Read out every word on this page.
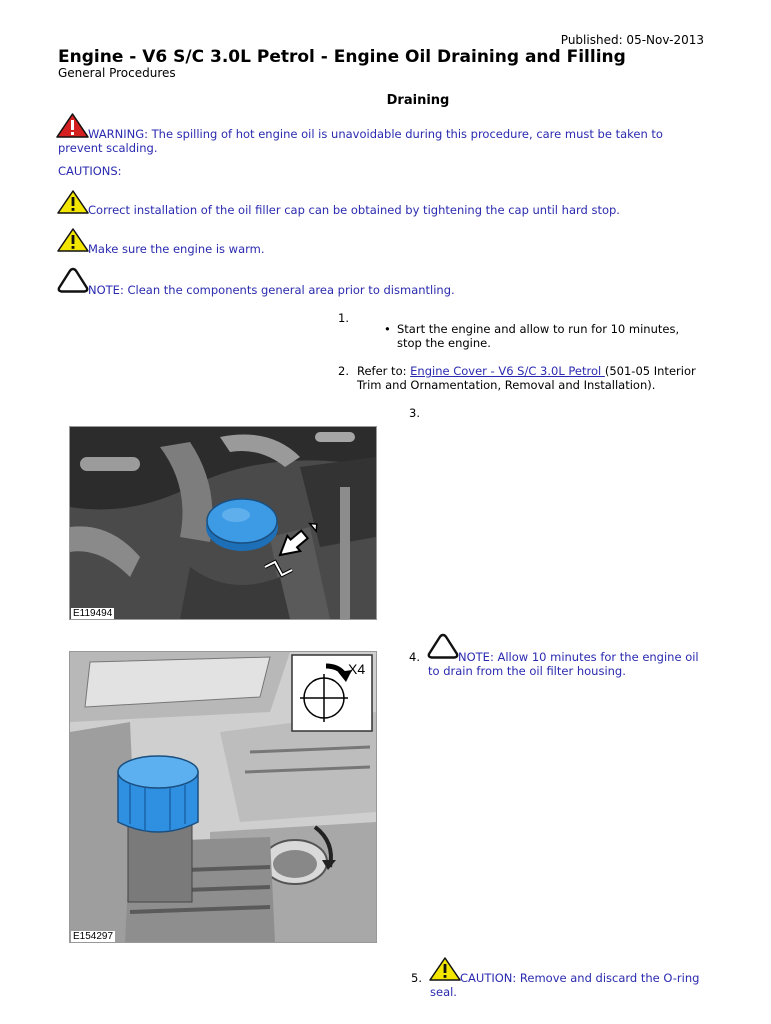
Published: 05-Nov-2013
Engine - V6 S/C 3.0L Petrol - Engine Oil Draining and Filling
General Procedures
Draining
WARNING: The spilling of hot engine oil is unavoidable during this procedure, care must be taken to prevent scalding.
CAUTIONS:
Correct installation of the oil filler cap can be obtained by tightening the cap until hard stop.
Make sure the engine is warm.
NOTE: Clean the components general area prior to dismantling.
1.
• Start the engine and allow to run for 10 minutes, stop the engine.
2. Refer to: Engine Cover - V6 S/C 3.0L Petrol (501-05 Interior Trim and Ornamentation, Removal and Installation).
3.
E119494
4.	NOTE: Allow 10 minutes for the engine oil to drain from the oil filter housing.
X4
E154297
5.	CAUTION: Remove and discard the O-ring seal.
